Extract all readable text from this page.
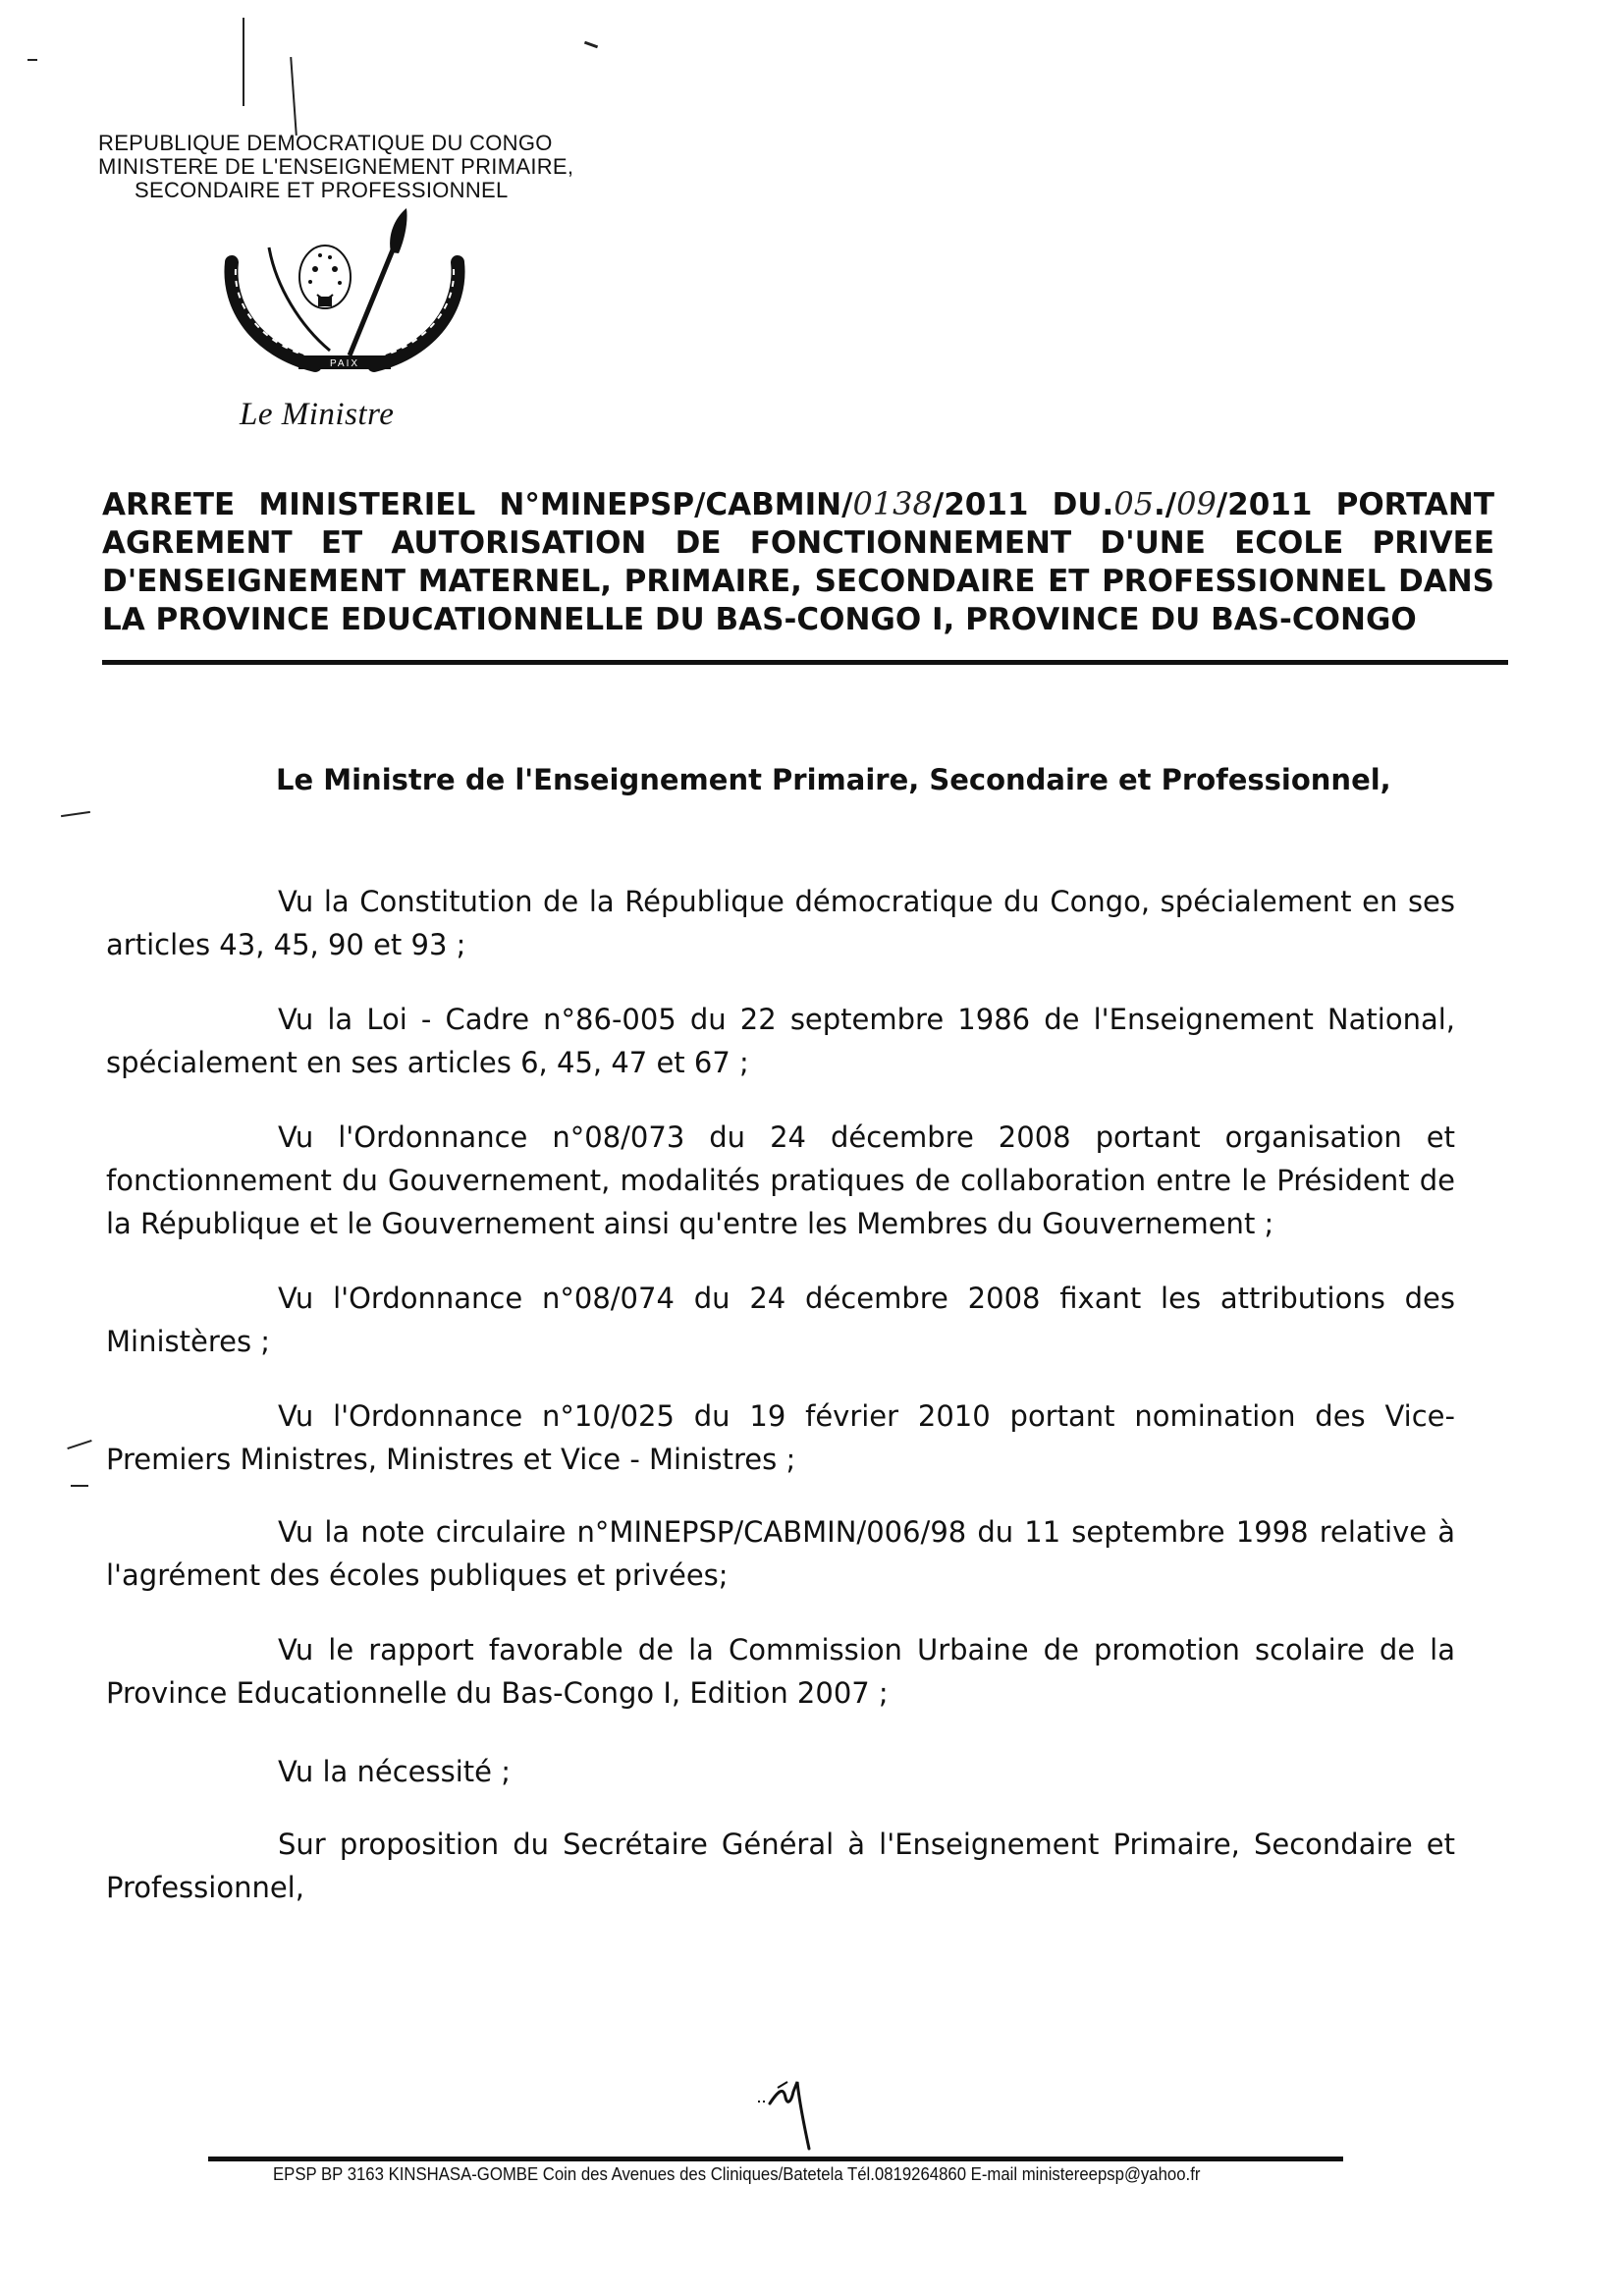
REPUBLIQUE DEMOCRATIQUE DU CONGO
MINISTERE DE L'ENSEIGNEMENT PRIMAIRE,
SECONDAIRE ET PROFESSIONNEL
PAIX
Le Ministre
ARRETE MINISTERIEL N°MINEPSP/CABMIN/0138/2011 DU.05./09/2011 PORTANT
AGREMENT ET AUTORISATION DE FONCTIONNEMENT D'UNE ECOLE PRIVEE
D'ENSEIGNEMENT MATERNEL, PRIMAIRE, SECONDAIRE ET PROFESSIONNEL DANS
LA PROVINCE EDUCATIONNELLE DU BAS-CONGO I, PROVINCE DU BAS-CONGO
Le Ministre de l'Enseignement Primaire, Secondaire et Professionnel,

Vu la Constitution de la République démocratique du Congo, spécialement en ses articles 43, 45, 90 et 93 ;

Vu la Loi - Cadre n°86-005 du 22 septembre 1986 de l'Enseignement National, spécialement en ses articles 6, 45, 47 et 67 ;

Vu l'Ordonnance n°08/073 du 24 décembre 2008 portant organisation et fonctionnement du Gouvernement, modalités pratiques de collaboration entre le Président de la République et le Gouvernement ainsi qu'entre les Membres du Gouvernement ;

Vu l'Ordonnance n°08/074 du 24 décembre 2008 fixant les attributions des Ministères ;

Vu l'Ordonnance n°10/025 du 19 février 2010 portant nomination des Vice-Premiers Ministres, Ministres et Vice - Ministres ;

Vu la note circulaire n°MINEPSP/CABMIN/006/98 du 11 septembre 1998 relative à l'agrément des écoles publiques et privées;

Vu le rapport favorable de la Commission Urbaine de promotion scolaire de la Province Educationnelle du Bas-Congo I, Edition 2007 ;

Vu la nécessité ;

Sur proposition du Secrétaire Général à l'Enseignement Primaire, Secondaire et Professionnel,

EPSP BP 3163 KINSHASA-GOMBE Coin des Avenues des Cliniques/Batetela Tél.0819264860 E-mail ministereepsp@yahoo.fr
